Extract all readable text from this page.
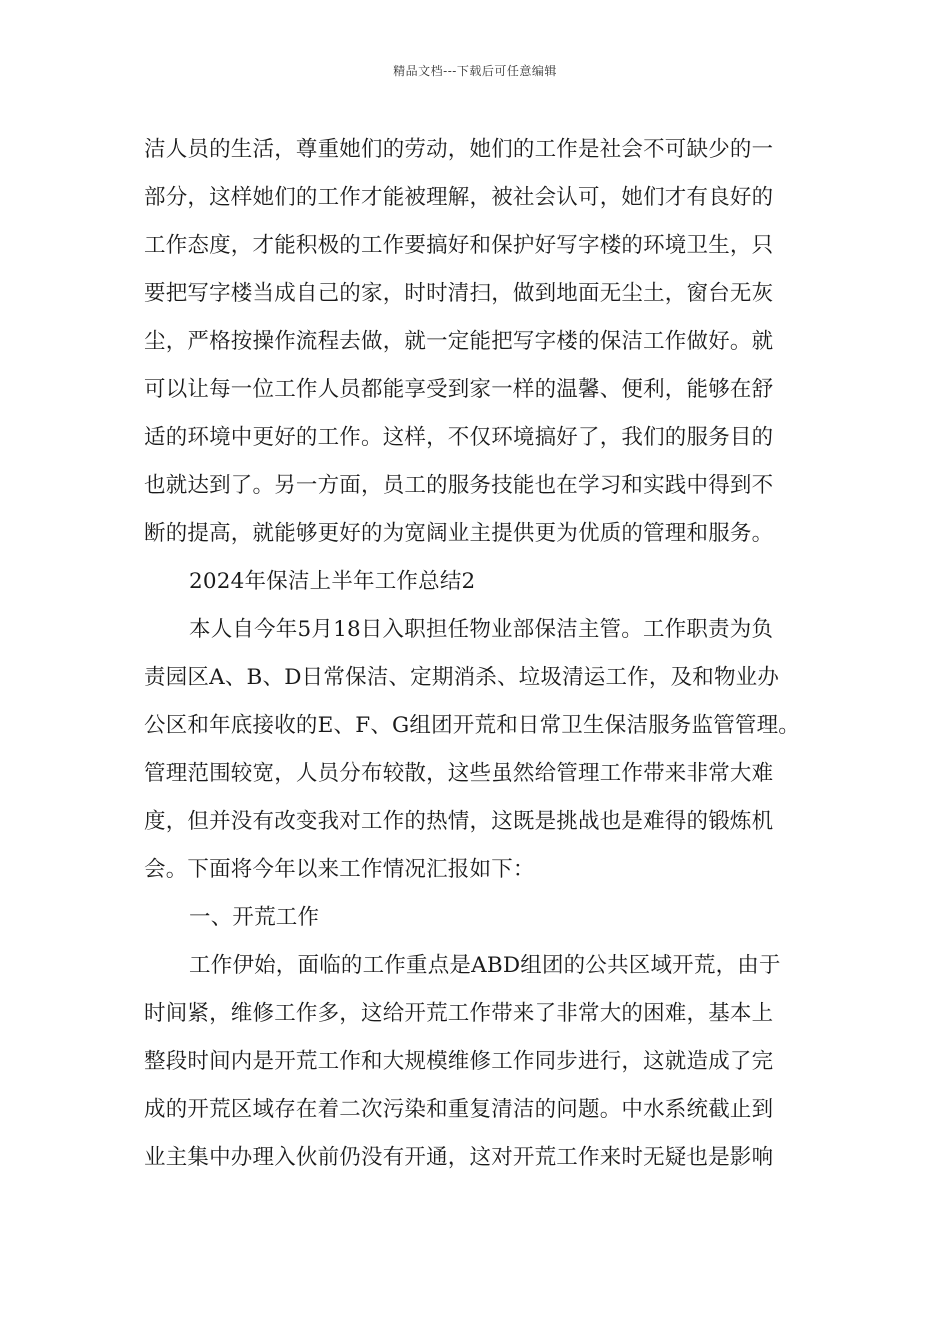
精品文档---下载后可任意编辑
洁人员的生活，尊重她们的劳动，她们的工作是社会不可缺少的一
部分，这样她们的工作才能被理解，被社会认可，她们才有良好的
工作态度，才能积极的工作要搞好和保护好写字楼的环境卫生，只
要把写字楼当成自己的家，时时清扫，做到地面无尘土，窗台无灰
尘，严格按操作流程去做，就一定能把写字楼的保洁工作做好。就
可以让每一位工作人员都能享受到家一样的温馨、便利，能够在舒
适的环境中更好的工作。这样，不仅环境搞好了，我们的服务目的
也就达到了。另一方面，员工的服务技能也在学习和实践中得到不
断的提高，就能够更好的为宽阔业主提供更为优质的管理和服务。
2024年保洁上半年工作总结2
本人自今年5月18日入职担任物业部保洁主管。工作职责为负
责园区A、B、D日常保洁、定期消杀、垃圾清运工作，及和物业办
公区和年底接收的E、F、G组团开荒和日常卫生保洁服务监管管理。
管理范围较宽，人员分布较散，这些虽然给管理工作带来非常大难
度，但并没有改变我对工作的热情，这既是挑战也是难得的锻炼机
会。下面将今年以来工作情况汇报如下：
一、开荒工作
工作伊始，面临的工作重点是ABD组团的公共区域开荒，由于
时间紧，维修工作多，这给开荒工作带来了非常大的困难，基本上
整段时间内是开荒工作和大规模维修工作同步进行，这就造成了完
成的开荒区域存在着二次污染和重复清洁的问题。中水系统截止到
业主集中办理入伙前仍没有开通，这对开荒工作来时无疑也是影响
